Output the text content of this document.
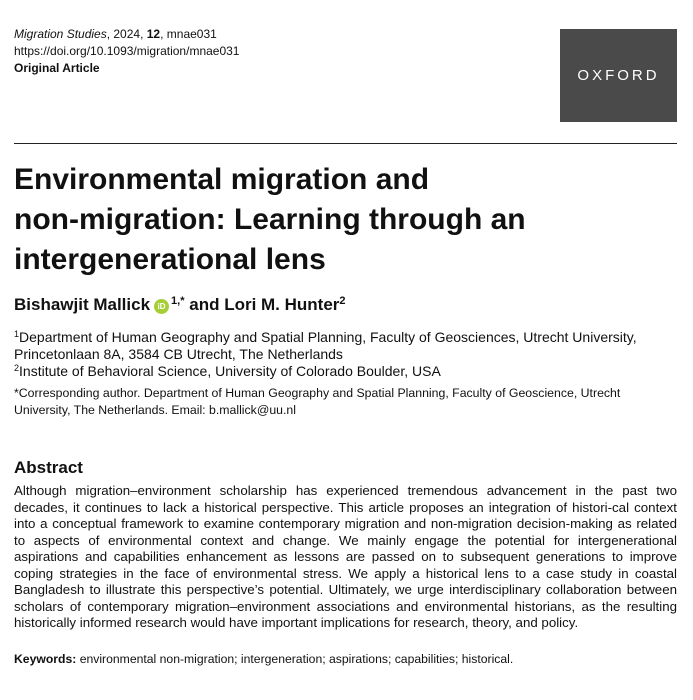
Migration Studies, 2024, 12, mnae031
https://doi.org/10.1093/migration/mnae031
Original Article	OXFORD
Environmental migration and
non-migration: Learning through an
intergenerational lens
Bishawjit Mallick iD $^{1,*}$ and Lori M. Hunter$^2$
$^1$Department of Human Geography and Spatial Planning, Faculty of Geosciences, Utrecht University, Princetonlaan 8A, 3584 CB Utrecht, The Netherlands
$^2$Institute of Behavioral Science, University of Colorado Boulder, USA
*Corresponding author. Department of Human Geography and Spatial Planning, Faculty of Geoscience, Utrecht University, The Netherlands. Email: b.mallick@uu.nl
Abstract

Although migration–environment scholarship has experienced tremendous advancement in the past two decades, it continues to lack a historical perspective. This article proposes an integration of histori-cal context into a conceptual framework to examine contemporary migration and non-migration decision-making as related to aspects of environmental context and change. We mainly engage the potential for intergenerational aspirations and capabilities enhancement as lessons are passed on to subsequent generations to improve coping strategies in the face of environmental stress. We apply a historical lens to a case study in coastal Bangladesh to illustrate this perspective’s potential. Ultimately, we urge interdisciplinary collaboration between scholars of contemporary migration–environment associations and environmental historians, as the resulting historically informed research would have important implications for research, theory, and policy.

Keywords: environmental non-migration; intergeneration; aspirations; capabilities; historical.
